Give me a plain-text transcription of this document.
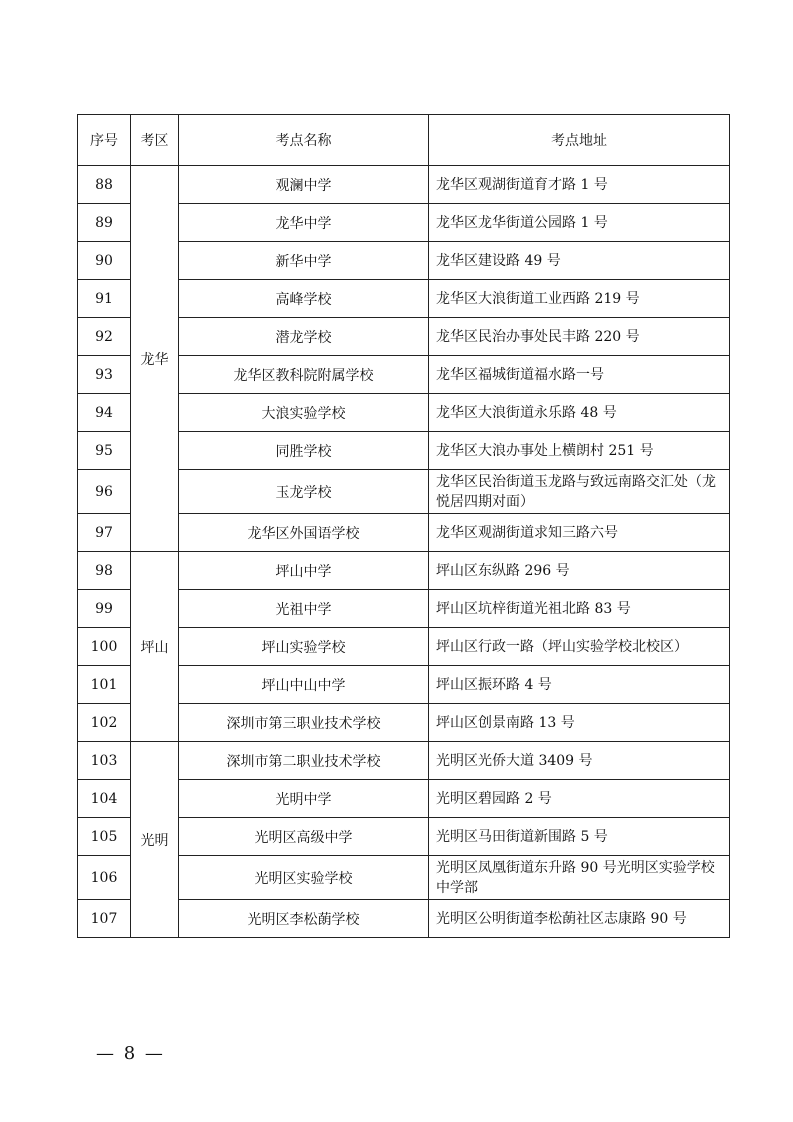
序号	考区	考点名称	考点地址
88	龙华	观澜中学	龙华区观湖街道育才路 1 号
89		龙华中学	龙华区龙华街道公园路 1 号
90		新华中学	龙华区建设路 49 号
91		高峰学校	龙华区大浪街道工业西路 219 号
92		潜龙学校	龙华区民治办事处民丰路 220 号
93		龙华区教科院附属学校	龙华区福城街道福水路一号
94		大浪实验学校	龙华区大浪街道永乐路 48 号
95		同胜学校	龙华区大浪办事处上横朗村 251 号
96		玉龙学校	龙华区民治街道玉龙路与致远南路交汇处（龙悦居四期对面）
97		龙华区外国语学校	龙华区观湖街道求知三路六号
98	坪山	坪山中学	坪山区东纵路 296 号
99		光祖中学	坪山区坑梓街道光祖北路 83 号
100		坪山实验学校	坪山区行政一路（坪山实验学校北校区）
101		坪山中山中学	坪山区振环路 4 号
102		深圳市第三职业技术学校	坪山区创景南路 13 号
103	光明	深圳市第二职业技术学校	光明区光侨大道 3409 号
104		光明中学	光明区碧园路 2 号
105		光明区高级中学	光明区马田街道新围路 5 号
106		光明区实验学校	光明区凤凰街道东升路 90 号光明区实验学校中学部
107		光明区李松蓢学校	光明区公明街道李松蓢社区志康路 90 号
— 8 —
